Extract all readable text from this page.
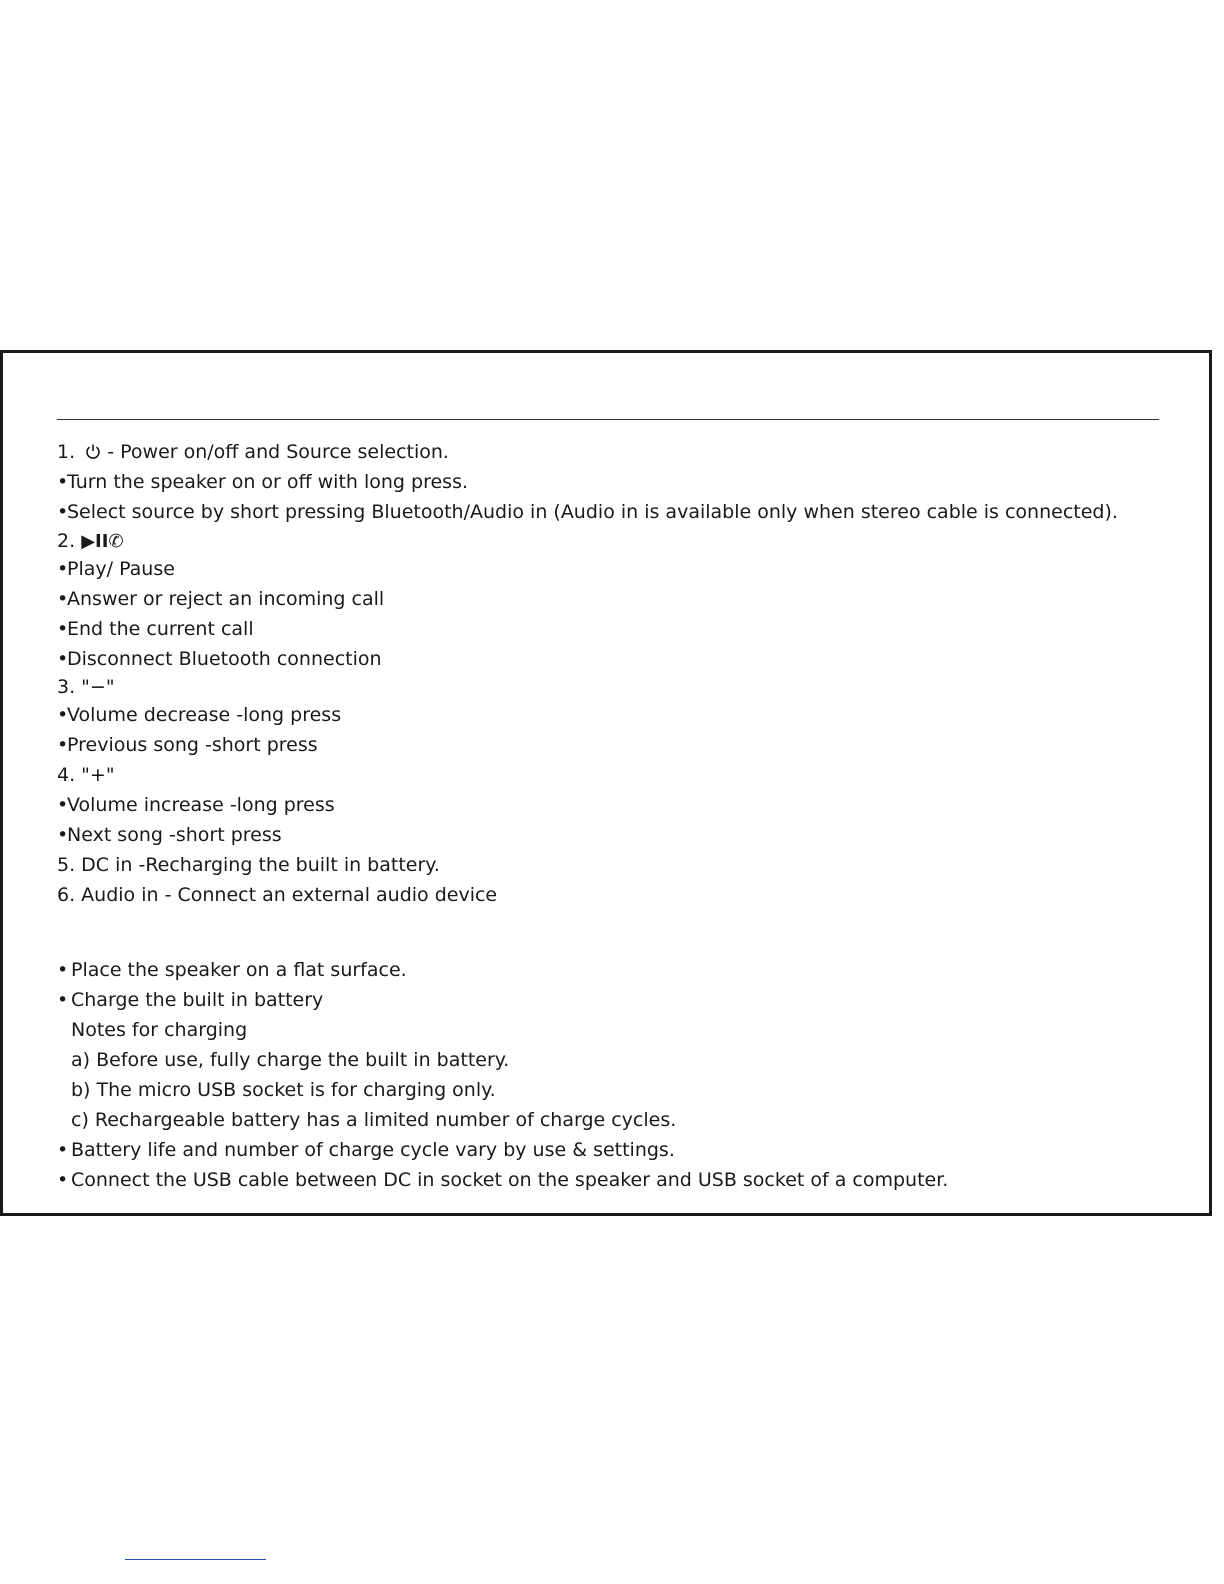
1.  - Power on/off and Source selection.
•Turn the speaker on or off with long press.
•Select source by short pressing Bluetooth/Audio in (Audio in is available only when stereo cable is connected).
2. ▶II✆
•Play/ Pause
•Answer or reject an incoming call
•End the current call
•Disconnect Bluetooth connection
3. "−"
•Volume decrease -long press
•Previous song -short press
4. "+"
•Volume increase -long press
•Next song -short press
5. DC in -Recharging the built in battery.
6. Audio in - Connect an external audio device
• Place the speaker on a flat surface.
• Charge the built in battery
Notes for charging
a) Before use, fully charge the built in battery.
b) The micro USB socket is for charging only.
c) Rechargeable battery has a limited number of charge cycles.
• Battery life and number of charge cycle vary by use & settings.
• Connect the USB cable between DC in socket on the speaker and USB socket of a computer.
